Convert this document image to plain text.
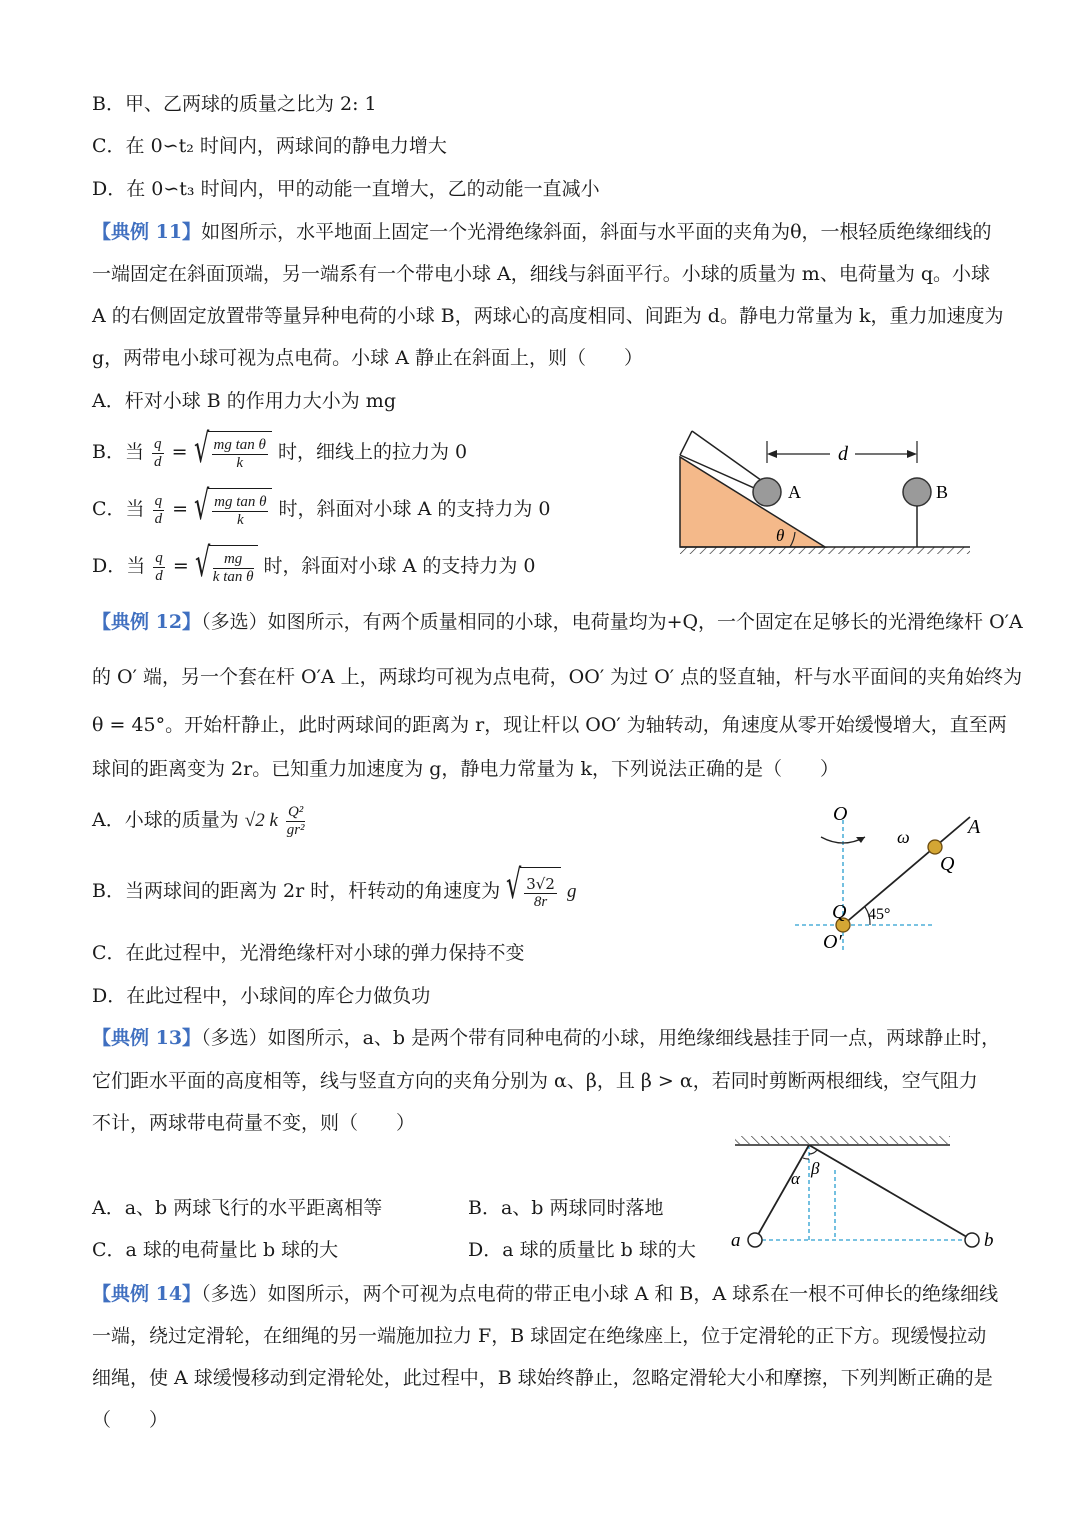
B．甲、乙两球的质量之比为 2: 1
C．在 0∽t₂ 时间内，两球间的静电力增大
D．在 0∽t₃ 时间内，甲的动能一直增大，乙的动能一直减小
【典例 11】如图所示，水平地面上固定一个光滑绝缘斜面，斜面与水平面的夹角为θ，一根轻质绝缘细线的
一端固定在斜面顶端，另一端系有一个带电小球 A，细线与斜面平行。小球的质量为 m、电荷量为 q。小球
A 的右侧固定放置带等量异种电荷的小球 B，两球心的高度相同、间距为 d。静电力常量为 k，重力加速度为
g，两带电小球可视为点电荷。小球 A 静止在斜面上，则（　　）
A．杆对小球 B 的作用力大小为 mg
B．当 $\frac{q}{d}$ = √ $\frac{\text{mg tan θ}}{k}$ 时，细线上的拉力为 0
C．当 $\frac{q}{d}$ = √ $\frac{\text{mg tan θ}}{k}$ 时，斜面对小球 A 的支持力为 0
D．当 $\frac{q}{d}$ = √ $\frac{mg}{\text{k tan θ}}$ 时，斜面对小球 A 的支持力为 0
d
A	B
θ
【典例 12】（多选）如图所示，有两个质量相同的小球，电荷量均为+Q，一个固定在足够长的光滑绝缘杆 O′A
的 O′ 端，另一个套在杆 O′A 上，两球均可视为点电荷，OO′ 为过 O′ 点的竖直轴，杆与水平面间的夹角始终为
θ = 45°。开始杆静止，此时两球间的距离为 r，现让杆以 OO′ 为轴转动，角速度从零开始缓慢增大，直至两
球间的距离变为 2r。已知重力加速度为 g，静电力常量为 k，下列说法正确的是（　　）
A．小球的质量为 √2 k $\frac{\text{Q²}}{\text{gr²}}$
B．当两球间的距离为 2r 时，杆转动的角速度为 √ $\frac{3√2}{8r}$ g
C．在此过程中，光滑绝缘杆对小球的弹力保持不变
D．在此过程中，小球间的库仑力做负功
O
ω	A
Q
Q 45°
O′
【典例 13】（多选）如图所示，a、b 是两个带有同种电荷的小球，用绝缘细线悬挂于同一点，两球静止时，
它们距水平面的高度相等，线与竖直方向的夹角分别为 α、β，且 β > α，若同时剪断两根细线，空气阻力
不计，两球带电荷量不变，则（　　）
A．a、b 两球飞行的水平距离相等	B．a、b 两球同时落地
C．a 球的电荷量比 b 球的大	D．a 球的质量比 b 球的大 a	b
α
β
【典例 14】（多选）如图所示，两个可视为点电荷的带正电小球 A 和 B，A 球系在一根不可伸长的绝缘细线
一端，绕过定滑轮，在细绳的另一端施加拉力 F，B 球固定在绝缘座上，位于定滑轮的正下方。现缓慢拉动
细绳，使 A 球缓慢移动到定滑轮处，此过程中，B 球始终静止，忽略定滑轮大小和摩擦，下列判断正确的是
（　　）
